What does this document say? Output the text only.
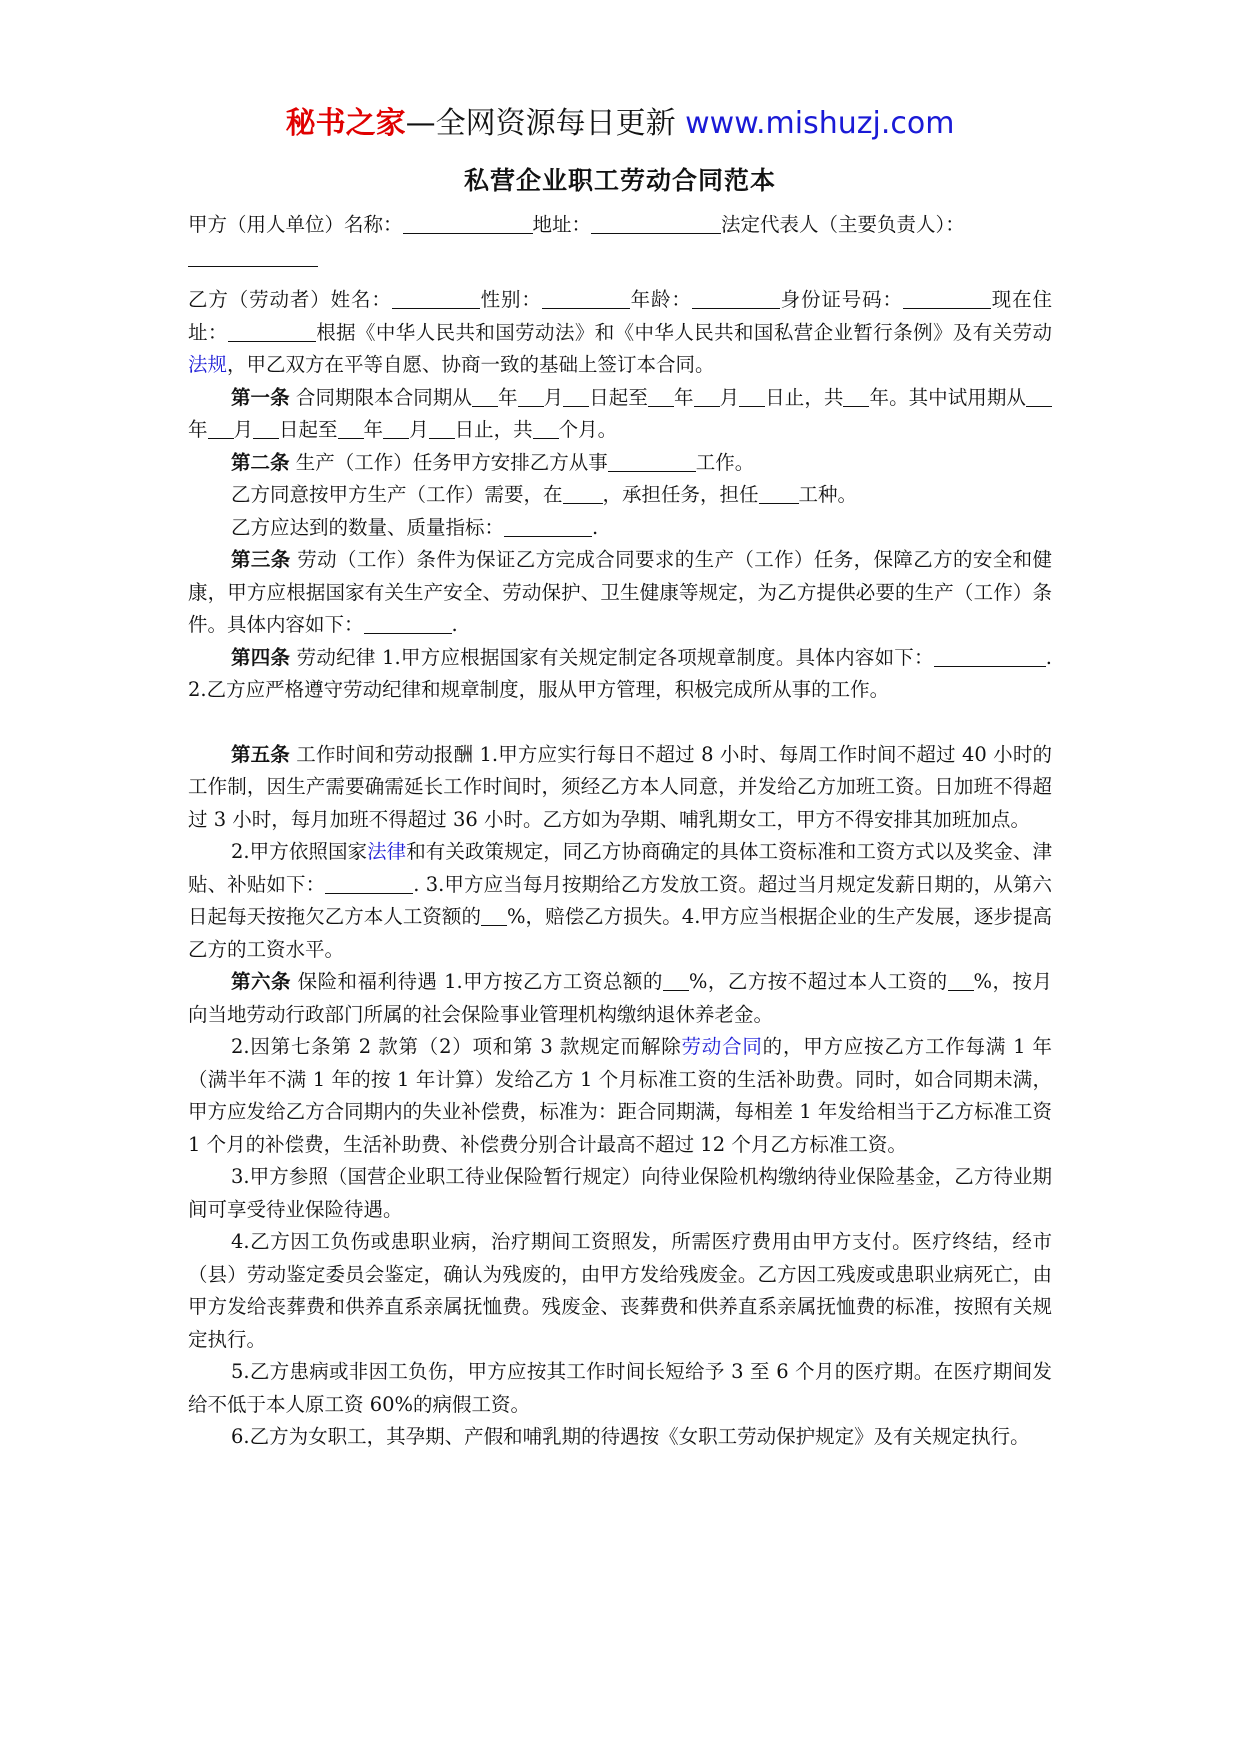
秘书之家—全网资源每日更新 www.mishuzj.com
私营企业职工劳动合同范本

甲方（用人单位）名称：	地址：	法定代表人（主要负责人）：

乙方（劳动者）姓名：	性别：	年龄：	身份证号码：	现在住址：	根据《中华人民共和国劳动法》和《中华人民共和国私营企业暂行条例》及有关劳动法规，甲乙双方在平等自愿、协商一致的基础上签订本合同。

第一条 合同期限本合同期从 年 月 日起至 年 月 日止，共 年。其中试用期从年 月 日起至 年 月 日止，共 个月。

第二条 生产（工作）任务甲方安排乙方从事	工作。

乙方同意按甲方生产（工作）需要，在 ，承担任务，担任 工种。

乙方应达到的数量、质量指标：	.

第三条 劳动（工作）条件为保证乙方完成合同要求的生产（工作）任务，保障乙方的安全和健康，甲方应根据国家有关生产安全、劳动保护、卫生健康等规定，为乙方提供必要的生产（工作）条件。具体内容如下：	.

第四条 劳动纪律 1.甲方应根据国家有关规定制定各项规章制度。具体内容如下：	. 2.乙方应严格遵守劳动纪律和规章制度，服从甲方管理，积极完成所从事的工作。

第五条 工作时间和劳动报酬 1.甲方应实行每日不超过 8 小时、每周工作时间不超过 40 小时的工作制，因生产需要确需延长工作时间时，须经乙方本人同意，并发给乙方加班工资。日加班不得超过 3 小时，每月加班不得超过 36 小时。乙方如为孕期、哺乳期女工，甲方不得安排其加班加点。

2.甲方依照国家法律和有关政策规定，同乙方协商确定的具体工资标准和工资方式以及奖金、津贴、补贴如下：	. 3.甲方应当每月按期给乙方发放工资。超过当月规定发薪日期的，从第六日起每天按拖欠乙方本人工资额的 %，赔偿乙方损失。4.甲方应当根据企业的生产发展，逐步提高乙方的工资水平。

第六条 保险和福利待遇 1.甲方按乙方工资总额的 %，乙方按不超过本人工资的 %，按月向当地劳动行政部门所属的社会保险事业管理机构缴纳退休养老金。

2.因第七条第 2 款第（2）项和第 3 款规定而解除劳动合同的，甲方应按乙方工作每满 1 年（满半年不满 1 年的按 1 年计算）发给乙方 1 个月标准工资的生活补助费。同时，如合同期未满，甲方应发给乙方合同期内的失业补偿费，标准为：距合同期满，每相差 1 年发给相当于乙方标准工资 1 个月的补偿费，生活补助费、补偿费分别合计最高不超过 12 个月乙方标准工资。

3.甲方参照（国营企业职工待业保险暂行规定）向待业保险机构缴纳待业保险基金，乙方待业期间可享受待业保险待遇。

4.乙方因工负伤或患职业病，治疗期间工资照发，所需医疗费用由甲方支付。医疗终结，经市（县）劳动鉴定委员会鉴定，确认为残废的，由甲方发给残废金。乙方因工残废或患职业病死亡，由甲方发给丧葬费和供养直系亲属抚恤费。残废金、丧葬费和供养直系亲属抚恤费的标准，按照有关规定执行。

5.乙方患病或非因工负伤，甲方应按其工作时间长短给予 3 至 6 个月的医疗期。在医疗期间发给不低于本人原工资 60%的病假工资。

6.乙方为女职工，其孕期、产假和哺乳期的待遇按《女职工劳动保护规定》及有关规定执行。
